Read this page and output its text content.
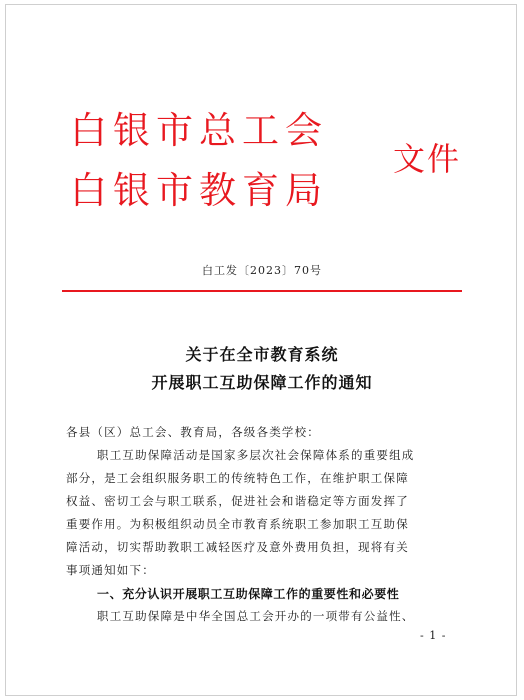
白银市总工会
白银市教育局
文件
白工发〔2023〕70号
关于在全市教育系统
开展职工互助保障工作的通知
各县（区）总工会、教育局，各级各类学校：
职工互助保障活动是国家多层次社会保障体系的重要组成
部分，是工会组织服务职工的传统特色工作，在维护职工保障
权益、密切工会与职工联系，促进社会和谐稳定等方面发挥了
重要作用。为积极组织动员全市教育系统职工参加职工互助保
障活动，切实帮助教职工减轻医疗及意外费用负担，现将有关
事项通知如下：
一、充分认识开展职工互助保障工作的重要性和必要性
职工互助保障是中华全国总工会开办的一项带有公益性、
- 1 -
